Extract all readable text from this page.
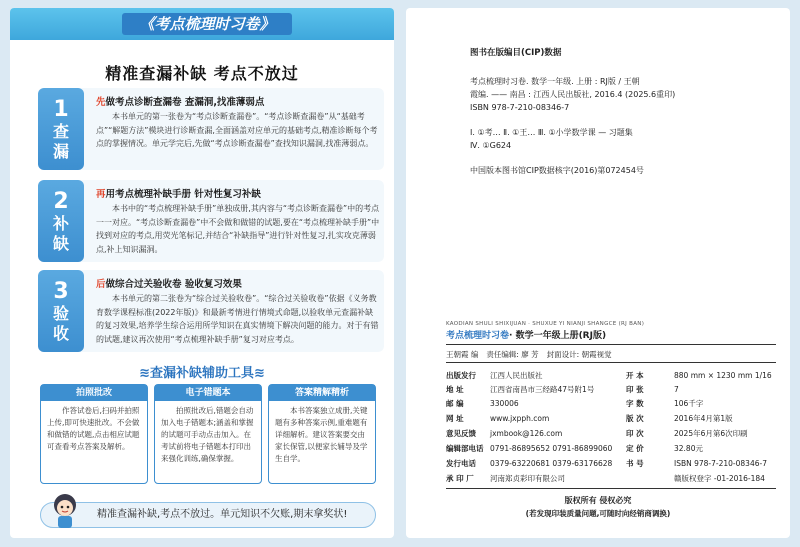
《考点梳理时习卷》
精准查漏补缺 考点不放过
1
查
漏
先做考点诊断查漏卷 查漏洞,找准薄弱点
本书单元的第一张卷为“考点诊断查漏卷”。“考点诊断查漏卷”从“基础考点”“解题方法”模块进行诊断查漏,全面涵盖对应单元的基础考点,精准诊断每个考点的掌握情况。单元学完后,先做“考点诊断查漏卷”查找知识漏洞,找准薄弱点。
2
补
缺
再用考点梳理补缺手册 针对性复习补缺
本书中的“考点梳理补缺手册”单独成册,其内容与“考点诊断查漏卷”中的考点一一对应。“考点诊断查漏卷”中不会做和做错的试题,要在“考点梳理补缺手册”中找到对应的考点,用荧光笔标记,并结合“补缺指导”进行针对性复习,扎实攻克薄弱点,补上知识漏洞。
3
验
收
后做综合过关验收卷 验收复习效果
本书单元的第二张卷为“综合过关验收卷”。“综合过关验收卷”依据《义务教育数学课程标准(2022年版)》和最新考情进行情境式命题,以验收单元查漏补缺的复习效果,培养学生综合运用所学知识在真实情境下解决问题的能力。对于有错的试题,建议再次使用“考点梳理补缺手册”复习对应考点。
≋查漏补缺辅助工具≋
拍照批改
作答试卷后,扫码并拍照上传,即可快速批改。不会做和做错的试题,点击相应试题可查看考点答案及解析。
电子错题本
拍照批改后,错题会自动加入电子错题本;涵盖和掌握的试题可手动点击加入。在考试前将电子错题本打印出来强化训练,确保掌握。
答案精解精析
本书答案独立成册,关键题有多种答案示例,重难题有详细解析。建议答案要交由家长保管,以便家长辅导及学生自学。
精准查漏补缺,考点不放过。单元知识不欠账,期末拿奖状!
图书在版编目(CIP)数据
考点梳理时习卷. 数学一年级. 上册 : RJ版 / 王朝
霞编. —— 南昌 : 江西人民出版社, 2016.4 (2025.6重印)
ISBN 978-7-210-08346-7
Ⅰ. ①考… Ⅱ. ①王… Ⅲ. ①小学数学课 — 习题集
Ⅳ. ①G624
中国版本图书馆CIP数据核字(2016)第072454号
KAODIAN SHULI SHIXIJUAN · SHUXUE YI NIANJI SHANGCE (RJ BAN)
考点梳理时习卷· 数学一年级上册(RJ版)
王朝霞 编 责任编辑: 廖 芳 封面设计: 朝霞视觉
出版发行 江西人民出版社
地 址	江西省南昌市三经路47号附1号
邮 编	330006
网 址	www.jxpph.com
意见反馈 jxmbook@126.com
编辑部电话 0791-86895652 0791-86899060
发行电话 0379-63220681 0379-63176628
承 印 厂 河南郑贞彩印有限公司
开 本	880 mm × 1230 mm 1/16
印 张	7
字 数	106千字
版 次	2016年4月第1版
印 次	2025年6月第6次印刷
定 价	32.80元
书 号	ISBN 978-7-210-08346-7
赣版权登字 -01-2016-184
版权所有 侵权必究
(若发现印装质量问题,可随时向经销商调换)
